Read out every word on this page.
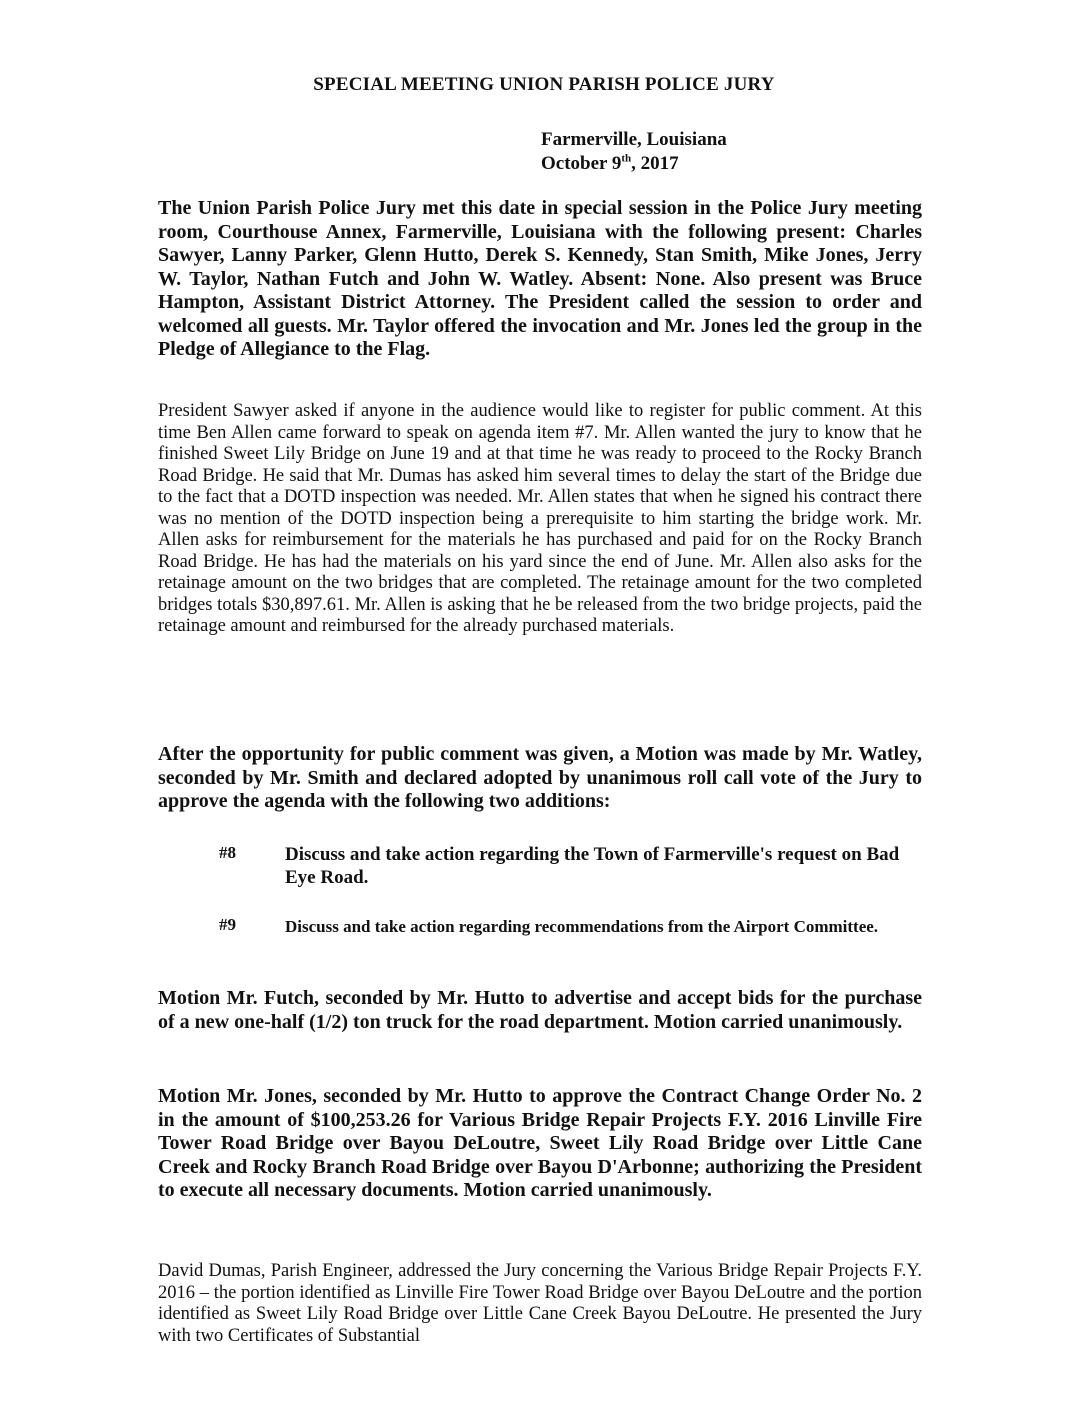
SPECIAL MEETING UNION PARISH POLICE JURY
Farmerville, Louisiana
October 9th, 2017
The Union Parish Police Jury met this date in special session in the Police Jury meeting room, Courthouse Annex, Farmerville, Louisiana with the following present: Charles Sawyer, Lanny Parker, Glenn Hutto, Derek S. Kennedy, Stan Smith, Mike Jones, Jerry W. Taylor, Nathan Futch and John W. Watley. Absent: None. Also present was Bruce Hampton, Assistant District Attorney. The President called the session to order and welcomed all guests. Mr. Taylor offered the invocation and Mr. Jones led the group in the Pledge of Allegiance to the Flag.
President Sawyer asked if anyone in the audience would like to register for public comment. At this time Ben Allen came forward to speak on agenda item #7. Mr. Allen wanted the jury to know that he finished Sweet Lily Bridge on June 19 and at that time he was ready to proceed to the Rocky Branch Road Bridge. He said that Mr. Dumas has asked him several times to delay the start of the Bridge due to the fact that a DOTD inspection was needed. Mr. Allen states that when he signed his contract there was no mention of the DOTD inspection being a prerequisite to him starting the bridge work. Mr. Allen asks for reimbursement for the materials he has purchased and paid for on the Rocky Branch Road Bridge. He has had the materials on his yard since the end of June. Mr. Allen also asks for the retainage amount on the two bridges that are completed. The retainage amount for the two completed bridges totals $30,897.61. Mr. Allen is asking that he be released from the two bridge projects, paid the retainage amount and reimbursed for the already purchased materials.
After the opportunity for public comment was given, a Motion was made by Mr. Watley, seconded by Mr. Smith and declared adopted by unanimous roll call vote of the Jury to approve the agenda with the following two additions:
#8	Discuss and take action regarding the Town of Farmerville's request on Bad Eye Road.
#9	Discuss and take action regarding recommendations from the Airport Committee.
Motion Mr. Futch, seconded by Mr. Hutto to advertise and accept bids for the purchase of a new one-half (1/2) ton truck for the road department. Motion carried unanimously.
Motion Mr. Jones, seconded by Mr. Hutto to approve the Contract Change Order No. 2 in the amount of $100,253.26 for Various Bridge Repair Projects F.Y. 2016 Linville Fire Tower Road Bridge over Bayou DeLoutre, Sweet Lily Road Bridge over Little Cane Creek and Rocky Branch Road Bridge over Bayou D'Arbonne; authorizing the President to execute all necessary documents. Motion carried unanimously.
David Dumas, Parish Engineer, addressed the Jury concerning the Various Bridge Repair Projects F.Y. 2016 – the portion identified as Linville Fire Tower Road Bridge over Bayou DeLoutre and the portion identified as Sweet Lily Road Bridge over Little Cane Creek Bayou DeLoutre. He presented the Jury with two Certificates of Substantial
